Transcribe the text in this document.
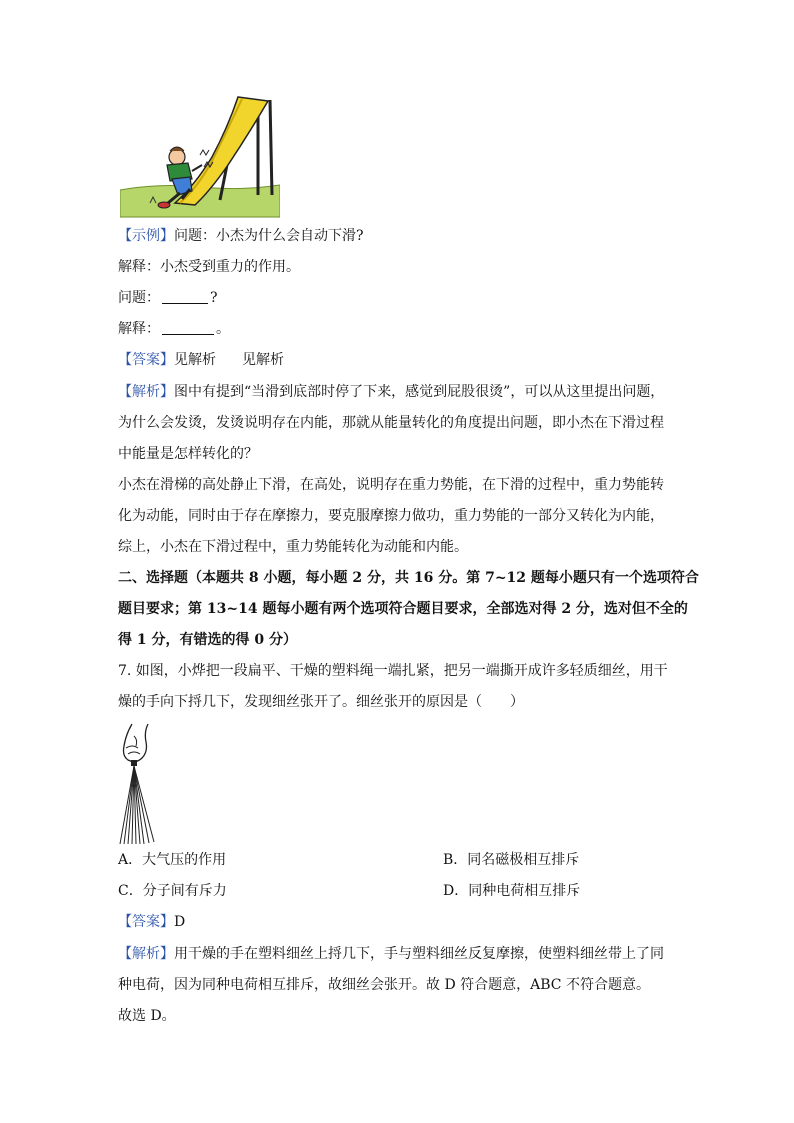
【示例】问题：小杰为什么会自动下滑?
解释：小杰受到重力的作用。
问题：	?
解释：	。
【答案】见解析 见解析
【解析】图中有提到“当滑到底部时停了下来，感觉到屁股很烫”，可以从这里提出问题，
为什么会发烫，发烫说明存在内能，那就从能量转化的角度提出问题，即小杰在下滑过程
中能量是怎样转化的？
小杰在滑梯的高处静止下滑，在高处，说明存在重力势能，在下滑的过程中，重力势能转
化为动能，同时由于存在摩擦力，要克服摩擦力做功，重力势能的一部分又转化为内能，
综上，小杰在下滑过程中，重力势能转化为动能和内能。
二、选择题（本题共 8 小题，每小题 2 分，共 16 分。第 7~12 题每小题只有一个选项符合
题目要求；第 13~14 题每小题有两个选项符合题目要求，全部选对得 2 分，选对但不全的
得 1 分，有错选的得 0 分）
7. 如图，小烨把一段扁平、干燥的塑料绳一端扎紧，把另一端撕开成许多轻质细丝，用干
燥的手向下捋几下，发现细丝张开了。细丝张开的原因是（　　）
A．大气压的作用	B．同名磁极相互排斥
C．分子间有斥力	D．同种电荷相互排斥
【答案】D
【解析】用干燥的手在塑料细丝上捋几下，手与塑料细丝反复摩擦，使塑料细丝带上了同
种电荷，因为同种电荷相互排斥，故细丝会张开。故 D 符合题意，ABC 不符合题意。
故选 D。
